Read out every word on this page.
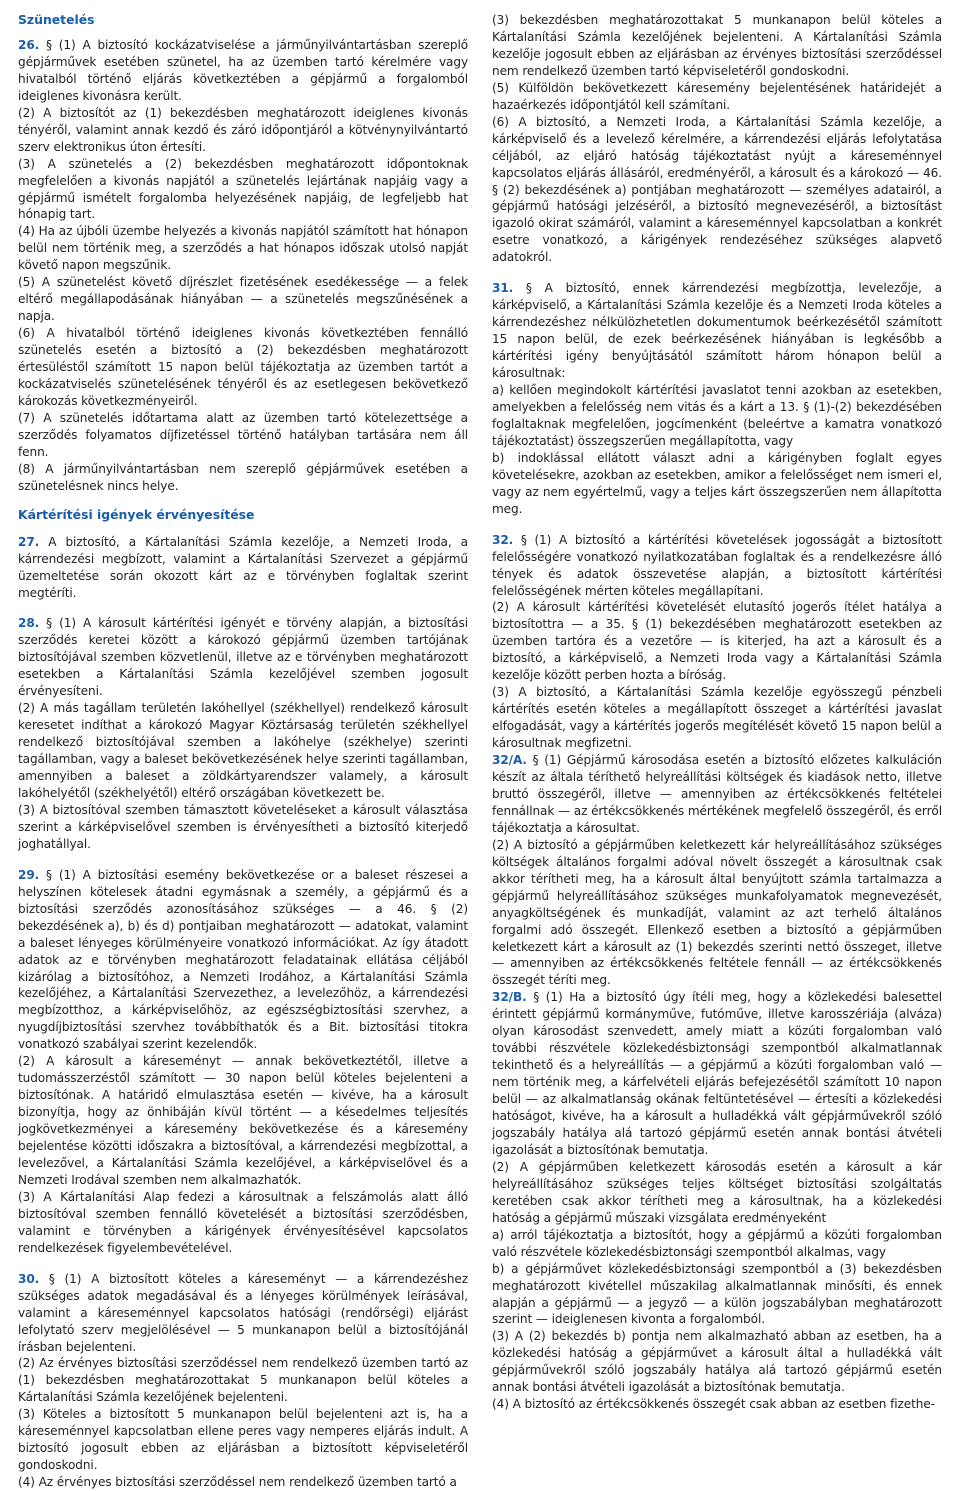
Szünetelés

26. § (1) A biztosító kockázatviselése a járműnyilvántartásban szereplő gépjárművek esetében szünetel, ha az üzemben tartó kérelmére vagy hivatalból történő eljárás következtében a gépjármű a forgalomból ideiglenes kivonásra került.

(2) A biztosítót az (1) bekezdésben meghatározott ideiglenes kivonás tényéről, valamint annak kezdő és záró időpontjáról a kötvénynyilvántartó szerv elektronikus úton értesíti.

(3) A szünetelés a (2) bekezdésben meghatározott időpontoknak megfelelően a kivonás napjától a szünetelés lejártának napjáig vagy a gépjármű ismételt forgalomba helyezésének napjáig, de legfeljebb hat hónapig tart.

(4) Ha az újbóli üzembe helyezés a kivonás napjától számított hat hónapon belül nem történik meg, a szerződés a hat hónapos időszak utolsó napját követő napon megszűnik.

(5) A szünetelést követő díjrészlet fizetésének esedékessége — a felek eltérő megállapodásának hiányában — a szünetelés megszűnésének a napja.

(6) A hivatalból történő ideiglenes kivonás következtében fennálló szünetelés esetén a biztosító a (2) bekezdésben meghatározott értesüléstől számított 15 napon belül tájékoztatja az üzemben tartót a kockázatviselés szünetelésének tényéről és az esetlegesen bekövetkező károkozás következményeiről.

(7) A szünetelés időtartama alatt az üzemben tartó kötelezettsége a szerződés folyamatos díjfizetéssel történő hatályban tartására nem áll fenn.

(8) A járműnyilvántartásban nem szereplő gépjárművek esetében a szünetelésnek nincs helye.

Kártérítési igények érvényesítése

27. A biztosító, a Kártalanítási Számla kezelője, a Nemzeti Iroda, a kárrendezési megbízott, valamint a Kártalanítási Szervezet a gépjármű üzemeltetése során okozott kárt az e törvényben foglaltak szerint megtéríti.

28. § (1) A károsult kártérítési igényét e törvény alapján, a biztosítási szerződés keretei között a károkozó gépjármű üzemben tartójának biztosítójával szemben közvetlenül, illetve az e törvényben meghatározott esetekben a Kártalanítási Számla kezelőjével szemben jogosult érvényesíteni.

(2) A más tagállam területén lakóhellyel (székhellyel) rendelkező károsult keresetet indíthat a károkozó Magyar Köztársaság területén székhellyel rendelkező biztosítójával szemben a lakóhelye (székhelye) szerinti tagállamban, vagy a baleset bekövetkezésének helye szerinti tagállamban, amennyiben a baleset a zöldkártyarendszer valamely, a károsult lakóhelyétől (székhelyétől) eltérő országában következett be.

(3) A biztosítóval szemben támasztott követeléseket a károsult választása szerint a kárképviselővel szemben is érvényesítheti a biztosító kiterjedő joghatállyal.

29. § (1) A biztosítási esemény bekövetkezése or a baleset részesei a helyszínen kötelesek átadni egymásnak a személy, a gépjármű és a biztosítási szerződés azonosításához szükséges — a 46. § (2) bekezdésének a), b) és d) pontjaiban meghatározott — adatokat, valamint a baleset lényeges körülményeire vonatkozó információkat. Az így átadott adatok az e törvényben meghatározott feladatainak ellátása céljából kizárólag a biztosítóhoz, a Nemzeti Irodához, a Kártalanítási Számla kezelőjéhez, a Kártalanítási Szervezethez, a levelezőhöz, a kárrendezési megbízotthoz, a kárképviselőhöz, az egészségbiztosítási szervhez, a nyugdíjbiztosítási szervhez továbbíthatók és a Bit. biztosítási titokra vonatkozó szabályai szerint kezelendők.

(2) A károsult a káreseményt — annak bekövetkeztétől, illetve a tudomásszerzéstől számított — 30 napon belül köteles bejelenteni a biztosítónak. A határidő elmulasztása esetén — kivéve, ha a károsult bizonyítja, hogy az önhibáján kívül történt — a késedelmes teljesítés jogkövetkezményei a káresemény bekövetkezése és a káresemény bejelentése közötti időszakra a biztosítóval, a kárrendezési megbízottal, a levelezővel, a Kártalanítási Számla kezelőjével, a kárképviselővel és a Nemzeti Irodával szemben nem alkalmazhatók.

(3) A Kártalanítási Alap fedezi a károsultnak a felszámolás alatt álló biztosítóval szemben fennálló követelését a biztosítási szerződésben, valamint e törvényben a kárigények érvényesítésével kapcsolatos rendelkezések figyelembevételével.

30. § (1) A biztosított köteles a káreseményt — a kárrendezéshez szükséges adatok megadásával és a lényeges körülmények leírásával, valamint a káreseménnyel kapcsolatos hatósági (rendőrségi) eljárást lefolytató szerv megjelölésével — 5 munkanapon belül a biztosítójánál írásban bejelenteni.

(2) Az érvényes biztosítási szerződéssel nem rendelkező üzemben tartó az (1) bekezdésben meghatározottakat 5 munkanapon belül köteles a Kártalanítási Számla kezelőjének bejelenteni.

(3) Köteles a biztosított 5 munkanapon belül bejelenteni azt is, ha a káreseménnyel kapcsolatban ellene peres vagy nemperes eljárás indult. A biztosító jogosult ebben az eljárásban a biztosított képviseletéről gondoskodni.

(4) Az érvényes biztosítási szerződéssel nem rendelkező üzemben tartó a

(3) bekezdésben meghatározottakat 5 munkanapon belül köteles a Kártalanítási Számla kezelőjének bejelenteni. A Kártalanítási Számla kezelője jogosult ebben az eljárásban az érvényes biztosítási szerződéssel nem rendelkező üzemben tartó képviseletéről gondoskodni.

(5) Külföldön bekövetkezett káresemény bejelentésének határidejét a hazaérkezés időpontjától kell számítani.

(6) A biztosító, a Nemzeti Iroda, a Kártalanítási Számla kezelője, a kárképviselő és a levelező kérelmére, a kárrendezési eljárás lefolytatása céljából, az eljáró hatóság tájékoztatást nyújt a káreseménnyel kapcsolatos eljárás állásáról, eredményéről, a károsult és a károkozó — 46. § (2) bekezdésének a) pontjában meghatározott — személyes adatairól, a gépjármű hatósági jelzéséről, a biztosító megnevezéséről, a biztosítást igazoló okirat számáról, valamint a káreseménnyel kapcsolatban a konkrét esetre vonatkozó, a kárigények rendezéséhez szükséges alapvető adatokról.

31. § A biztosító, ennek kárrendezési megbízottja, levelezője, a kárképviselő, a Kártalanítási Számla kezelője és a Nemzeti Iroda köteles a kárrendezéshez nélkülözhetetlen dokumentumok beérkezésétől számított 15 napon belül, de ezek beérkezésének hiányában is legkésőbb a kártérítési igény benyújtásától számított három hónapon belül a károsultnak:

a) kellően megindokolt kártérítési javaslatot tenni azokban az esetekben, amelyekben a felelősség nem vitás és a kárt a 13. § (1)-(2) bekezdésében foglaltaknak megfelelően, jogcímenként (beleértve a kamatra vonatkozó tájékoztatást) összegszerűen megállapította, vagy

b) indoklással ellátott választ adni a kárigényben foglalt egyes követelésekre, azokban az esetekben, amikor a felelősséget nem ismeri el, vagy az nem egyértelmű, vagy a teljes kárt összegszerűen nem állapította meg.

32. § (1) A biztosító a kártérítési követelések jogosságát a biztosított felelősségére vonatkozó nyilatkozatában foglaltak és a rendelkezésre álló tények és adatok összevetése alapján, a biztosított kártérítési felelősségének mérten köteles megállapítani.

(2) A károsult kártérítési követelését elutasító jogerős ítélet hatálya a biztosítottra — a 35. § (1) bekezdésében meghatározott esetekben az üzemben tartóra és a vezetőre — is kiterjed, ha azt a károsult és a biztosító, a kárképviselő, a Nemzeti Iroda vagy a Kártalanítási Számla kezelője között perben hozta a bíróság.

(3) A biztosító, a Kártalanítási Számla kezelője egyösszegű pénzbeli kártérítés esetén köteles a megállapított összeget a kártérítési javaslat elfogadását, vagy a kártérítés jogerős megítélését követő 15 napon belül a károsultnak megfizetni.

32/A. § (1) Gépjármű károsodása esetén a biztosító előzetes kalkuláción készít az általa téríthető helyreállítási költségek és kiadások netto, illetve bruttó összegéről, illetve — amennyiben az értékcsökkenés feltételei fennállnak — az értékcsökkenés mértékének megfelelő összegéről, és erről tájékoztatja a károsultat.

(2) A biztosító a gépjárműben keletkezett kár helyreállításához szükséges költségek általános forgalmi adóval növelt összegét a károsultnak csak akkor térítheti meg, ha a károsult által benyújtott számla tartalmazza a gépjármű helyreállításához szükséges munkafolyamatok megnevezését, anyagköltségének és munkadíját, valamint az azt terhelő általános forgalmi adó összegét. Ellenkező esetben a biztosító a gépjárműben keletkezett kárt a károsult az (1) bekezdés szerinti nettó összeget, illetve — amennyiben az értékcsökkenés feltétele fennáll — az értékcsökkenés összegét téríti meg.

32/B. § (1) Ha a biztosító úgy ítéli meg, hogy a közlekedési balesettel érintett gépjármű kormányműve, futóműve, illetve karosszériája (alváza) olyan károsodást szenvedett, amely miatt a közúti forgalomban való további részvétele közlekedésbiztonsági szempontból alkalmatlannak tekinthető és a helyreállítás — a gépjármű a közúti forgalomban való — nem történik meg, a kárfelvételi eljárás befejezésétől számított 10 napon belül — az alkalmatlanság okának feltüntetésével — értesíti a közlekedési hatóságot, kivéve, ha a károsult a hulladékká vált gépjárművekről szóló jogszabály hatálya alá tartozó gépjármű esetén annak bontási átvételi igazolását a biztosítónak bemutatja.

(2) A gépjárműben keletkezett károsodás esetén a károsult a kár helyreállításához szükséges teljes költséget biztosítási szolgáltatás keretében csak akkor térítheti meg a károsultnak, ha a közlekedési hatóság a gépjármű műszaki vizsgálata eredményeként

a) arról tájékoztatja a biztosítót, hogy a gépjármű a közúti forgalomban való részvétele közlekedésbiztonsági szempontból alkalmas, vagy

b) a gépjárművet közlekedésbiztonsági szempontból a (3) bekezdésben meghatározott kivétellel műszakilag alkalmatlannak minősíti, és ennek alapján a gépjármű — a jegyző — a külön jogszabályban meghatározott szerint — ideiglenesen kivonta a forgalomból.

(3) A (2) bekezdés b) pontja nem alkalmazható abban az esetben, ha a közlekedési hatóság a gépjárművet a károsult által a hulladékká vált gépjárművekről szóló jogszabály hatálya alá tartozó gépjármű esetén annak bontási átvételi igazolását a biztosítónak bemutatja.

(4) A biztosító az értékcsökkenés összegét csak abban az esetben fizethe-
